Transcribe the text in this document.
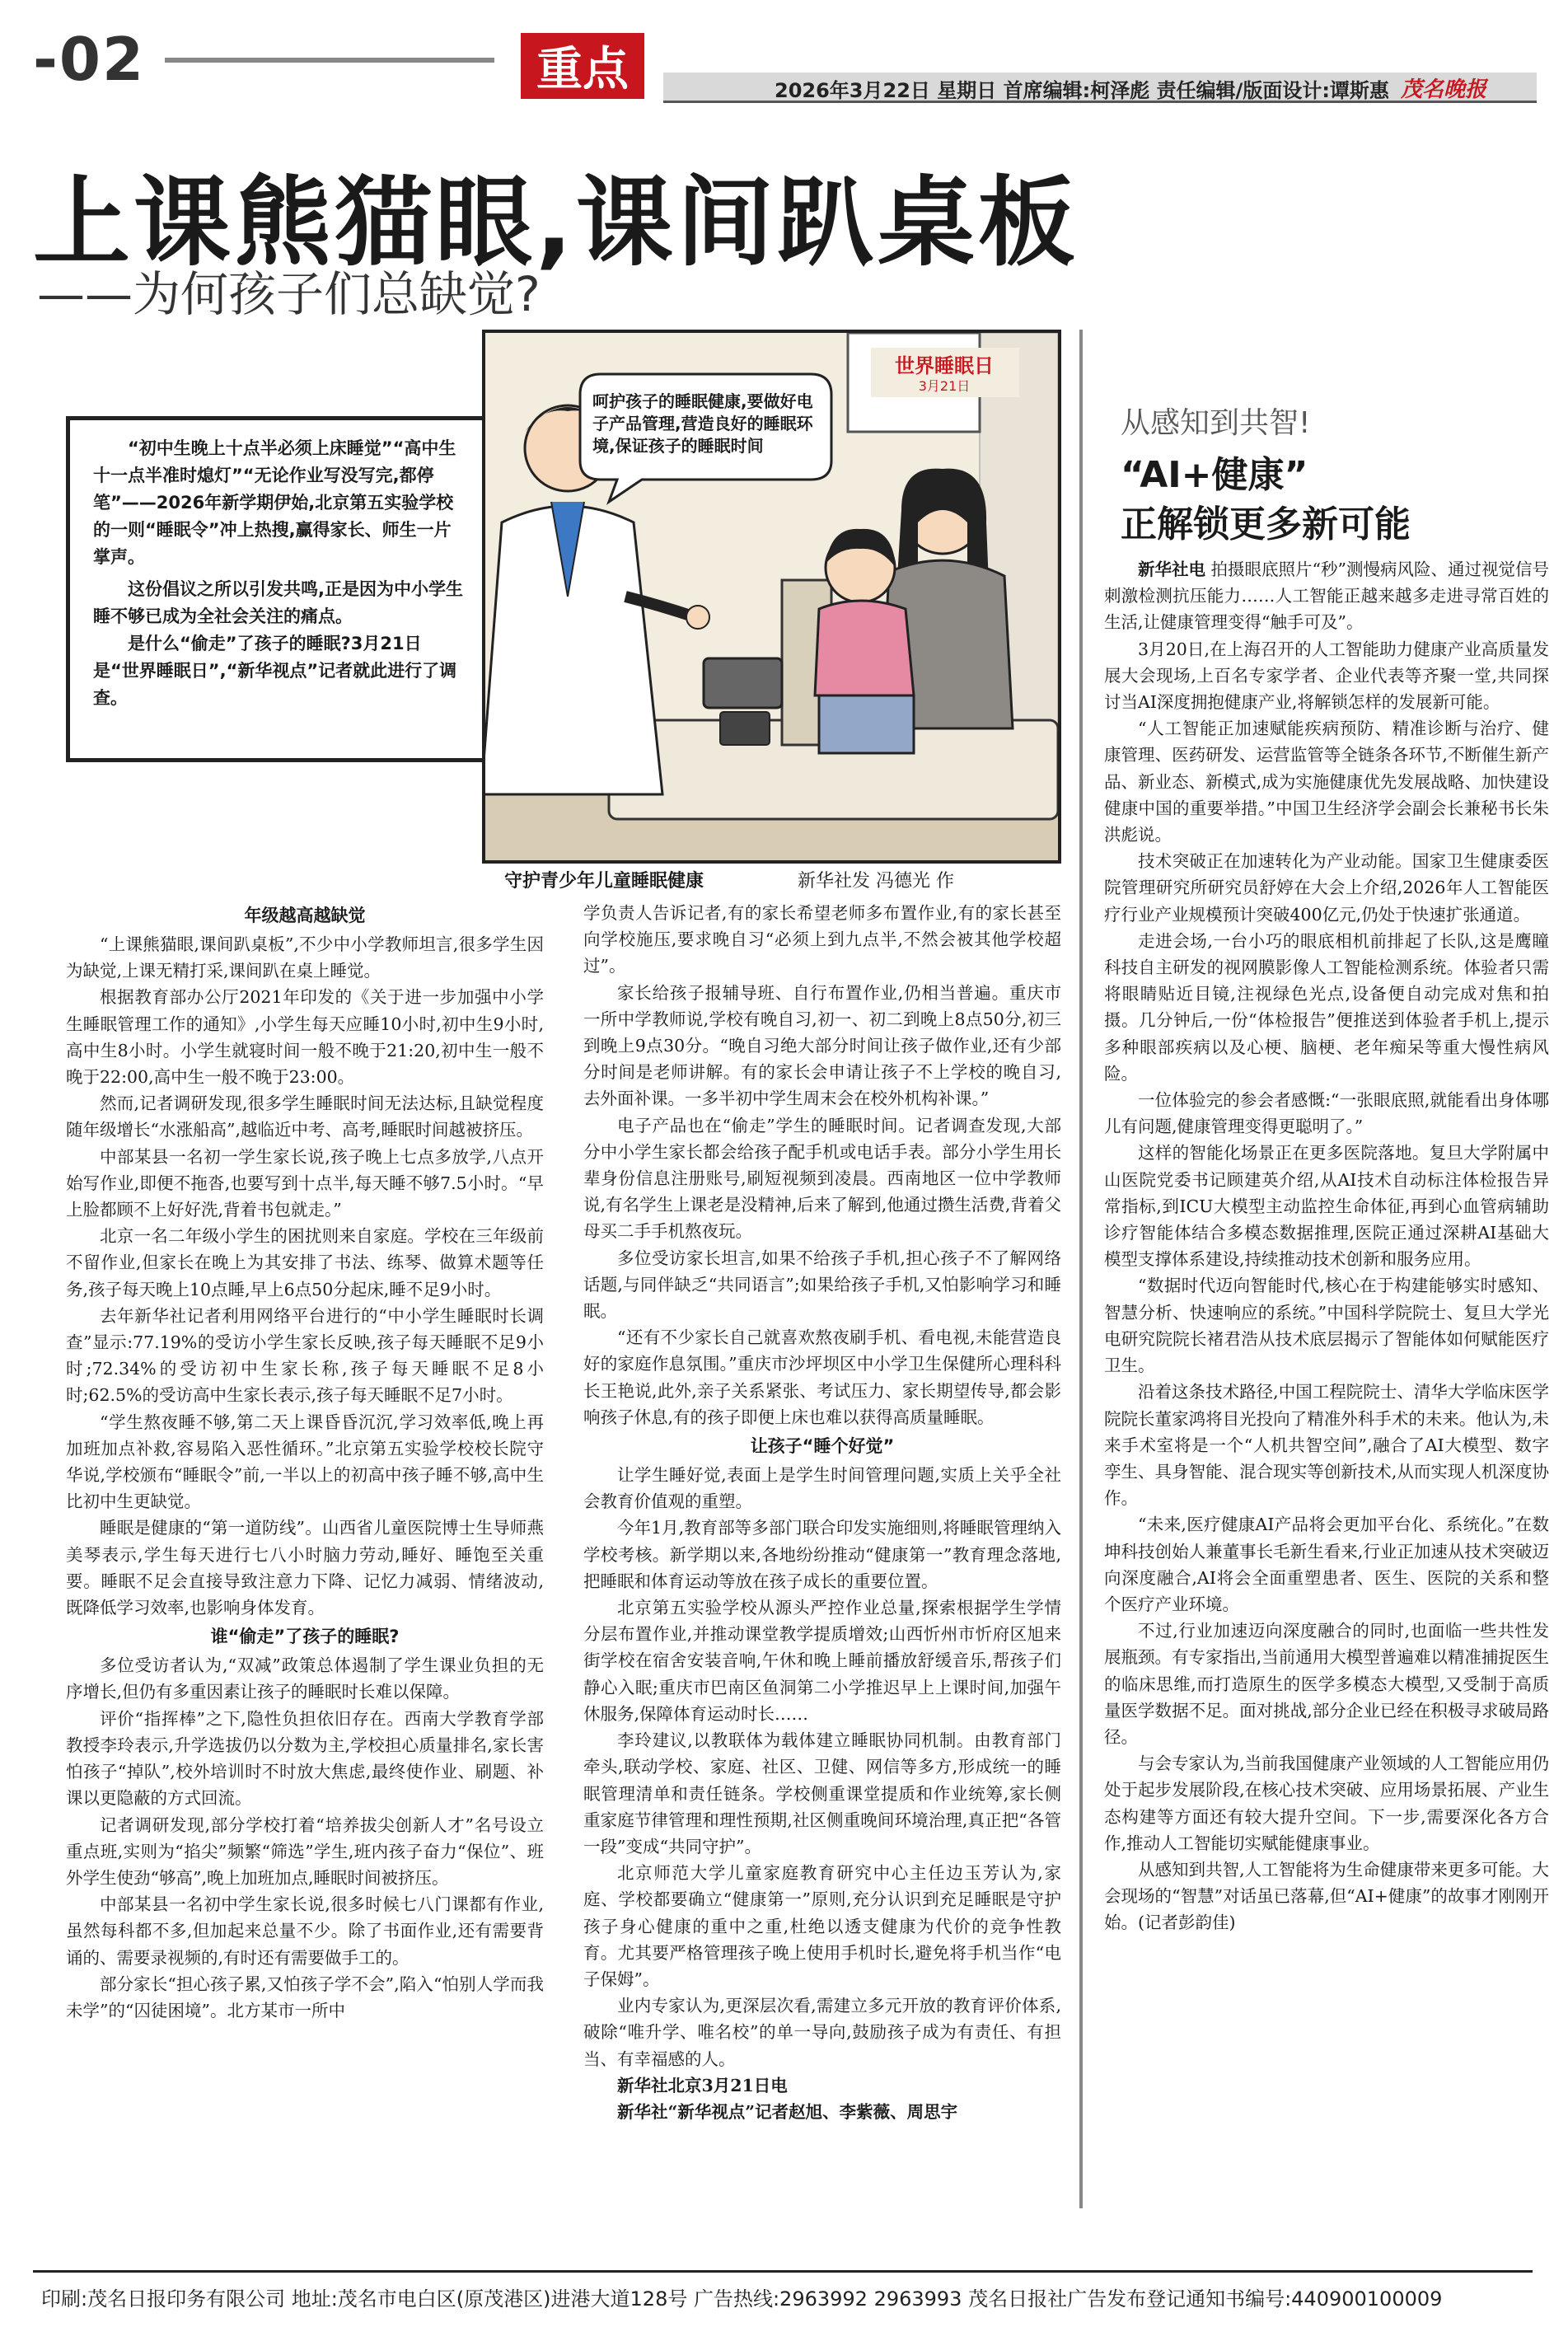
-02	重点	2026年3月22日 星期日 首席编辑:柯泽彪 责任编辑/版面设计:谭斯惠 茂名晚报
上课熊猫眼,课间趴桌板
——为何孩子们总缺觉?

“初中生晚上十点半必须上床睡觉”“高中生十一点半准时熄灯”“无论作业写没写完,都停笔”——2026年新学期伊始,北京第五实验学校的一则“睡眠令”冲上热搜,赢得家长、师生一片掌声。

这份倡议之所以引发共鸣,正是因为中小学生睡不够已成为全社会关注的痛点。

是什么“偷走”了孩子的睡眠?3月21日是“世界睡眠日”,“新华视点”记者就此进行了调查。

世界睡眠日
3月21日
呵护孩子的睡眠健康,要做好电子产品管理,营造良好的睡眠环境,保证孩子的睡眠时间
守护青少年儿童睡眠健康	新华社发 冯德光 作
年级越高越缺觉

“上课熊猫眼,课间趴桌板”,不少中小学教师坦言,很多学生因为缺觉,上课无精打采,课间趴在桌上睡觉。

根据教育部办公厅2021年印发的《关于进一步加强中小学生睡眠管理工作的通知》,小学生每天应睡10小时,初中生9小时,高中生8小时。小学生就寝时间一般不晚于21:20,初中生一般不晚于22:00,高中生一般不晚于23:00。

然而,记者调研发现,很多学生睡眠时间无法达标,且缺觉程度随年级增长“水涨船高”,越临近中考、高考,睡眠时间越被挤压。

中部某县一名初一学生家长说,孩子晚上七点多放学,八点开始写作业,即便不拖沓,也要写到十点半,每天睡不够7.5小时。“早上脸都顾不上好好洗,背着书包就走。”

北京一名二年级小学生的困扰则来自家庭。学校在三年级前不留作业,但家长在晚上为其安排了书法、练琴、做算术题等任务,孩子每天晚上10点睡,早上6点50分起床,睡不足9小时。

去年新华社记者利用网络平台进行的“中小学生睡眠时长调查”显示:77.19%的受访小学生家长反映,孩子每天睡眠不足9小时;72.34%的受访初中生家长称,孩子每天睡眠不足8小时;62.5%的受访高中生家长表示,孩子每天睡眠不足7小时。

“学生熬夜睡不够,第二天上课昏昏沉沉,学习效率低,晚上再加班加点补救,容易陷入恶性循环。”北京第五实验学校校长院守华说,学校颁布“睡眠令”前,一半以上的初高中孩子睡不够,高中生比初中生更缺觉。

睡眠是健康的“第一道防线”。山西省儿童医院博士生导师燕美琴表示,学生每天进行七八小时脑力劳动,睡好、睡饱至关重要。睡眠不足会直接导致注意力下降、记忆力减弱、情绪波动,既降低学习效率,也影响身体发育。

谁“偷走”了孩子的睡眠?

多位受访者认为,“双减”政策总体遏制了学生课业负担的无序增长,但仍有多重因素让孩子的睡眠时长难以保障。

评价“指挥棒”之下,隐性负担依旧存在。西南大学教育学部教授李玲表示,升学选拔仍以分数为主,学校担心质量排名,家长害怕孩子“掉队”,校外培训时不时放大焦虑,最终使作业、刷题、补课以更隐蔽的方式回流。

记者调研发现,部分学校打着“培养拔尖创新人才”名号设立重点班,实则为“掐尖”频繁“筛选”学生,班内孩子奋力“保位”、班外学生使劲“够高”,晚上加班加点,睡眠时间被挤压。

中部某县一名初中学生家长说,很多时候七八门课都有作业,虽然每科都不多,但加起来总量不少。除了书面作业,还有需要背诵的、需要录视频的,有时还有需要做手工的。

部分家长“担心孩子累,又怕孩子学不会”,陷入“怕别人学而我未学”的“囚徒困境”。北方某市一所中

学负责人告诉记者,有的家长希望老师多布置作业,有的家长甚至向学校施压,要求晚自习“必须上到九点半,不然会被其他学校超过”。

家长给孩子报辅导班、自行布置作业,仍相当普遍。重庆市一所中学教师说,学校有晚自习,初一、初二到晚上8点50分,初三到晚上9点30分。“晚自习绝大部分时间让孩子做作业,还有少部分时间是老师讲解。有的家长会申请让孩子不上学校的晚自习,去外面补课。一多半初中学生周末会在校外机构补课。”

电子产品也在“偷走”学生的睡眠时间。记者调查发现,大部分中小学生家长都会给孩子配手机或电话手表。部分小学生用长辈身份信息注册账号,刷短视频到凌晨。西南地区一位中学教师说,有名学生上课老是没精神,后来了解到,他通过攒生活费,背着父母买二手手机熬夜玩。

多位受访家长坦言,如果不给孩子手机,担心孩子不了解网络话题,与同伴缺乏“共同语言”;如果给孩子手机,又怕影响学习和睡眠。

“还有不少家长自己就喜欢熬夜刷手机、看电视,未能营造良好的家庭作息氛围。”重庆市沙坪坝区中小学卫生保健所心理科科长王艳说,此外,亲子关系紧张、考试压力、家长期望传导,都会影响孩子休息,有的孩子即便上床也难以获得高质量睡眠。

让孩子“睡个好觉”

让学生睡好觉,表面上是学生时间管理问题,实质上关乎全社会教育价值观的重塑。

今年1月,教育部等多部门联合印发实施细则,将睡眠管理纳入学校考核。新学期以来,各地纷纷推动“健康第一”教育理念落地,把睡眠和体育运动等放在孩子成长的重要位置。

北京第五实验学校从源头严控作业总量,探索根据学生学情分层布置作业,并推动课堂教学提质增效;山西忻州市忻府区旭来街学校在宿舍安装音响,午休和晚上睡前播放舒缓音乐,帮孩子们静心入眠;重庆市巴南区鱼洞第二小学推迟早上上课时间,加强午休服务,保障体育运动时长……

李玲建议,以教联体为载体建立睡眠协同机制。由教育部门牵头,联动学校、家庭、社区、卫健、网信等多方,形成统一的睡眠管理清单和责任链条。学校侧重课堂提质和作业统筹,家长侧重家庭节律管理和理性预期,社区侧重晚间环境治理,真正把“各管一段”变成“共同守护”。

北京师范大学儿童家庭教育研究中心主任边玉芳认为,家庭、学校都要确立“健康第一”原则,充分认识到充足睡眠是守护孩子身心健康的重中之重,杜绝以透支健康为代价的竞争性教育。尤其要严格管理孩子晚上使用手机时长,避免将手机当作“电子保姆”。

业内专家认为,更深层次看,需建立多元开放的教育评价体系,破除“唯升学、唯名校”的单一导向,鼓励孩子成为有责任、有担当、有幸福感的人。

新华社北京3月21日电

新华社“新华视点”记者赵旭、李紫薇、周思宇

从感知到共智!
“AI+健康”
正解锁更多新可能

新华社电 拍摄眼底照片“秒”测慢病风险、通过视觉信号刺激检测抗压能力……人工智能正越来越多走进寻常百姓的生活,让健康管理变得“触手可及”。

3月20日,在上海召开的人工智能助力健康产业高质量发展大会现场,上百名专家学者、企业代表等齐聚一堂,共同探讨当AI深度拥抱健康产业,将解锁怎样的发展新可能。

“人工智能正加速赋能疾病预防、精准诊断与治疗、健康管理、医药研发、运营监管等全链条各环节,不断催生新产品、新业态、新模式,成为实施健康优先发展战略、加快建设健康中国的重要举措。”中国卫生经济学会副会长兼秘书长朱洪彪说。

技术突破正在加速转化为产业动能。国家卫生健康委医院管理研究所研究员舒婷在大会上介绍,2026年人工智能医疗行业产业规模预计突破400亿元,仍处于快速扩张通道。

走进会场,一台小巧的眼底相机前排起了长队,这是鹰瞳科技自主研发的视网膜影像人工智能检测系统。体验者只需将眼睛贴近目镜,注视绿色光点,设备便自动完成对焦和拍摄。几分钟后,一份“体检报告”便推送到体验者手机上,提示多种眼部疾病以及心梗、脑梗、老年痴呆等重大慢性病风险。

一位体验完的参会者感慨:“一张眼底照,就能看出身体哪儿有问题,健康管理变得更聪明了。”

这样的智能化场景正在更多医院落地。复旦大学附属中山医院党委书记顾建英介绍,从AI技术自动标注体检报告异常指标,到ICU大模型主动监控生命体征,再到心血管病辅助诊疗智能体结合多模态数据推理,医院正通过深耕AI基础大模型支撑体系建设,持续推动技术创新和服务应用。

“数据时代迈向智能时代,核心在于构建能够实时感知、智慧分析、快速响应的系统。”中国科学院院士、复旦大学光电研究院院长褚君浩从技术底层揭示了智能体如何赋能医疗卫生。

沿着这条技术路径,中国工程院院士、清华大学临床医学院院长董家鸿将目光投向了精准外科手术的未来。他认为,未来手术室将是一个“人机共智空间”,融合了AI大模型、数字孪生、具身智能、混合现实等创新技术,从而实现人机深度协作。

“未来,医疗健康AI产品将会更加平台化、系统化。”在数坤科技创始人兼董事长毛新生看来,行业正加速从技术突破迈向深度融合,AI将会全面重塑患者、医生、医院的关系和整个医疗产业环境。

不过,行业加速迈向深度融合的同时,也面临一些共性发展瓶颈。有专家指出,当前通用大模型普遍难以精准捕捉医生的临床思维,而打造原生的医学多模态大模型,又受制于高质量医学数据不足。面对挑战,部分企业已经在积极寻求破局路径。

与会专家认为,当前我国健康产业领域的人工智能应用仍处于起步发展阶段,在核心技术突破、应用场景拓展、产业生态构建等方面还有较大提升空间。下一步,需要深化各方合作,推动人工智能切实赋能健康事业。

从感知到共智,人工智能将为生命健康带来更多可能。大会现场的“智慧”对话虽已落幕,但“AI+健康”的故事才刚刚开始。(记者彭韵佳)

印刷:茂名日报印务有限公司 地址:茂名市电白区(原茂港区)进港大道128号 广告热线:2963992 2963993 茂名日报社广告发布登记通知书编号:440900100009
